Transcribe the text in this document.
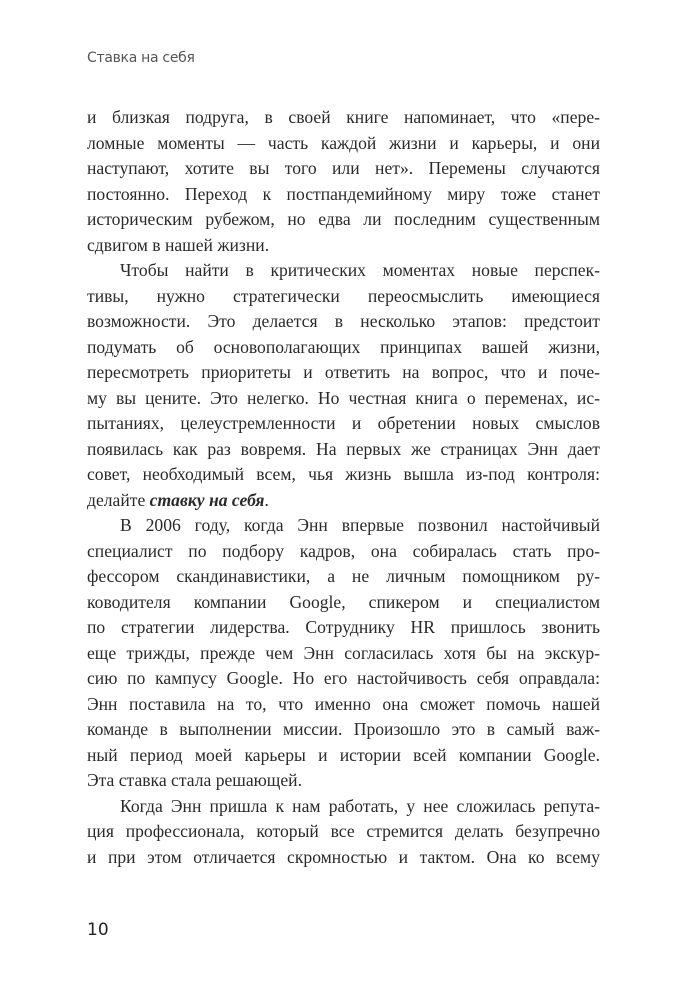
Ставка на себя
и близкая подруга, в своей книге напоминает, что «пере-
ломные моменты — часть каждой жизни и карьеры, и они
наступают, хотите вы того или нет». Перемены случаются
постоянно. Переход к постпандемийному миру тоже станет
историческим рубежом, но едва ли последним существенным
сдвигом в нашей жизни.
Чтобы найти в критических моментах новые перспек-
тивы, нужно стратегически переосмыслить имеющиеся
возможности. Это делается в несколько этапов: предстоит
подумать об основополагающих принципах вашей жизни,
пересмотреть приоритеты и ответить на вопрос, что и поче-
му вы цените. Это нелегко. Но честная книга о переменах, ис-
пытаниях, целеустремленности и обретении новых смыслов
появилась как раз вовремя. На первых же страницах Энн дает
совет, необходимый всем, чья жизнь вышла из-под контроля:
делайте ставку на себя.
В 2006 году, когда Энн впервые позвонил настойчивый
специалист по подбору кадров, она собиралась стать про-
фессором скандинавистики, а не личным помощником ру-
ководителя компании Google, спикером и специалистом
по стратегии лидерства. Сотруднику HR пришлось звонить
еще трижды, прежде чем Энн согласилась хотя бы на экскур-
сию по кампусу Google. Но его настойчивость себя оправдала:
Энн поставила на то, что именно она сможет помочь нашей
команде в выполнении миссии. Произошло это в самый важ-
ный период моей карьеры и истории всей компании Google.
Эта ставка стала решающей.
Когда Энн пришла к нам работать, у нее сложилась репута-
ция профессионала, который все стремится делать безупречно
и при этом отличается скромностью и тактом. Она ко всему
10
